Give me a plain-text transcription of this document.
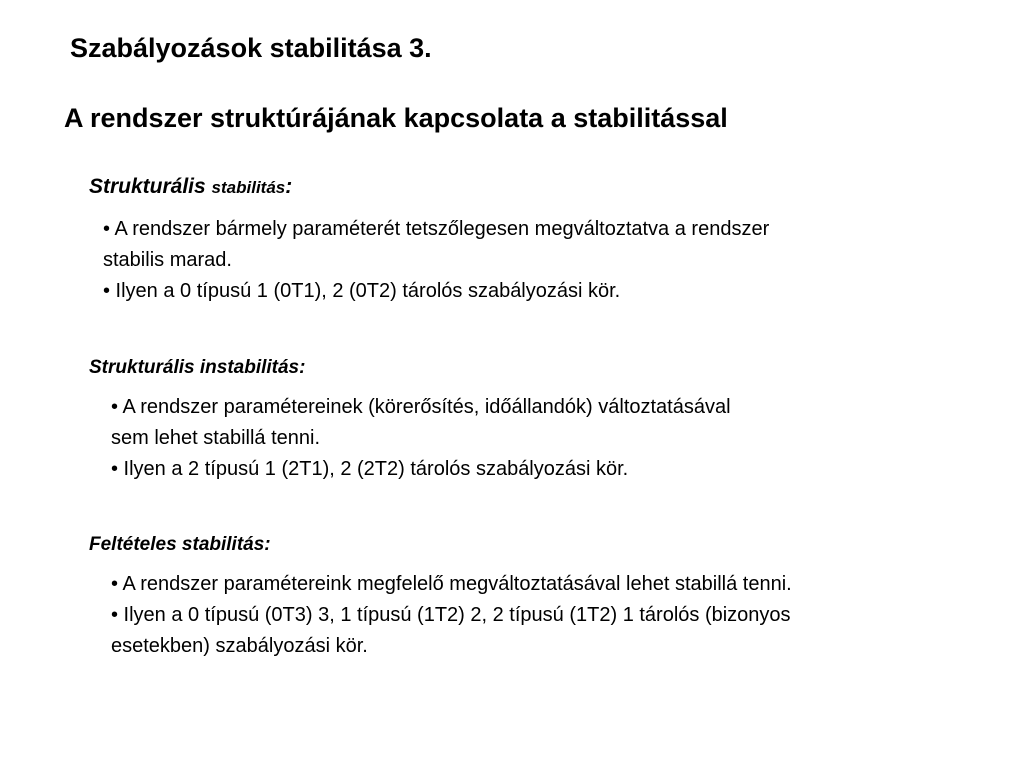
Szabályozások stabilitása 3.
A rendszer struktúrájának kapcsolata a stabilitással
Strukturális stabilitás:
• A rendszer bármely paraméterét tetszőlegesen megváltoztatva a rendszer
stabilis marad.
• Ilyen a 0 típusú 1 (0T1), 2 (0T2) tárolós szabályozási kör.
Strukturális instabilitás:
• A rendszer paramétereinek (körerősítés, időállandók) változtatásával
sem lehet stabillá tenni.
• Ilyen a 2 típusú 1 (2T1), 2 (2T2) tárolós szabályozási kör.
Feltételes stabilitás:
• A rendszer paramétereink megfelelő megváltoztatásával lehet stabillá tenni.
• Ilyen a 0 típusú (0T3) 3, 1 típusú (1T2) 2, 2 típusú (1T2) 1 tárolós (bizonyos
esetekben) szabályozási kör.
